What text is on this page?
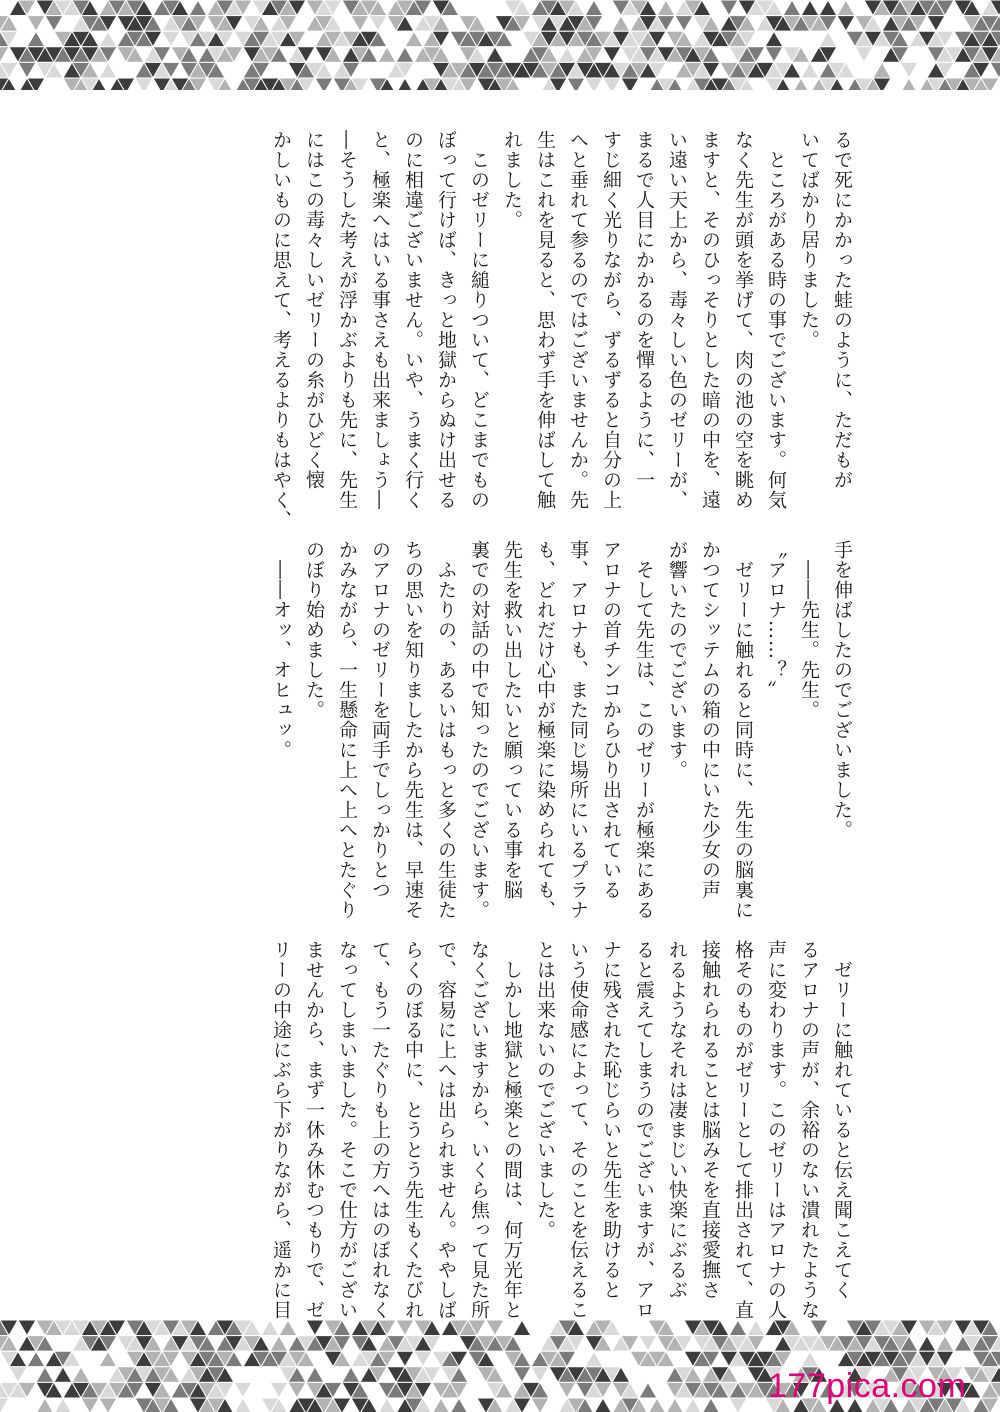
るで死にかかった蛙のように、ただもが

いてばかり居りました。

　ところがある時の事でございます。何気

なく先生が頭を挙げて、肉の池の空を眺め

ますと、そのひっそりとした暗の中を、遠

い遠い天上から、毒々しい色のゼリーが、

まるで人目にかかるのを憚るように、一

すじ細く光りながら、ずるずると自分の上

へと垂れて参るのではございませんか。先

生はこれを見ると、思わず手を伸ばして触

れました。

　このゼリーに縋りついて、どこまでもの

ぼって行けば、きっと地獄からぬけ出せる

のに相違ございません。いや、うまく行く

と、極楽へはいる事さえも出来ましょう―

―そうした考えが浮かぶよりも先に、先生

にはこの毒々しいゼリーの糸がひどく懐

かしいものに思えて、考えるよりもはやく、

手を伸ばしたのでございました。

　――先生。先生。

〝アロナ……？〟

　ゼリーに触れると同時に、先生の脳裏に

かつてシッテムの箱の中にいた少女の声

が響いたのでございます。

　そして先生は、このゼリーが極楽にある

アロナの首チンコからひり出されている

事、アロナも、また同じ場所にいるプラナ

も、どれだけ心中が極楽に染められても、

先生を救い出したいと願っている事を脳

裏での対話の中で知ったのでございます。

　ふたりの、あるいはもっと多くの生徒た

ちの思いを知りましたから先生は、早速そ

のアロナのゼリーを両手でしっかりとつ

かみながら、一生懸命に上へ上へとたぐり

のぼり始めました。

　――オッ、オヒュッ。

　ゼリーに触れていると伝え聞こえてく

るアロナの声が、余裕のない潰れたような

声に変わります。このゼリーはアロナの人

格そのものがゼリーとして排出されて、直

接触れられることは脳みそを直接愛撫さ

れるようなそれは凄まじい快楽にぶるぶ

ると震えてしまうのでございますが、アロ

ナに残された恥じらいと先生を助けると

いう使命感によって、そのことを伝えるこ

とは出来ないのでございました。

　しかし地獄と極楽との間は、何万光年と

なくございますから、いくら焦って見た所

で、容易に上へは出られません。ややしば

らくのぼる中に、とうとう先生もくたびれ

て、もう一たぐりも上の方へはのぼれなく

なってしまいました。そこで仕方がござい

ませんから、まず一休み休むつもりで、ゼ

リーの中途にぶら下がりながら、遥かに目

177pica.com
